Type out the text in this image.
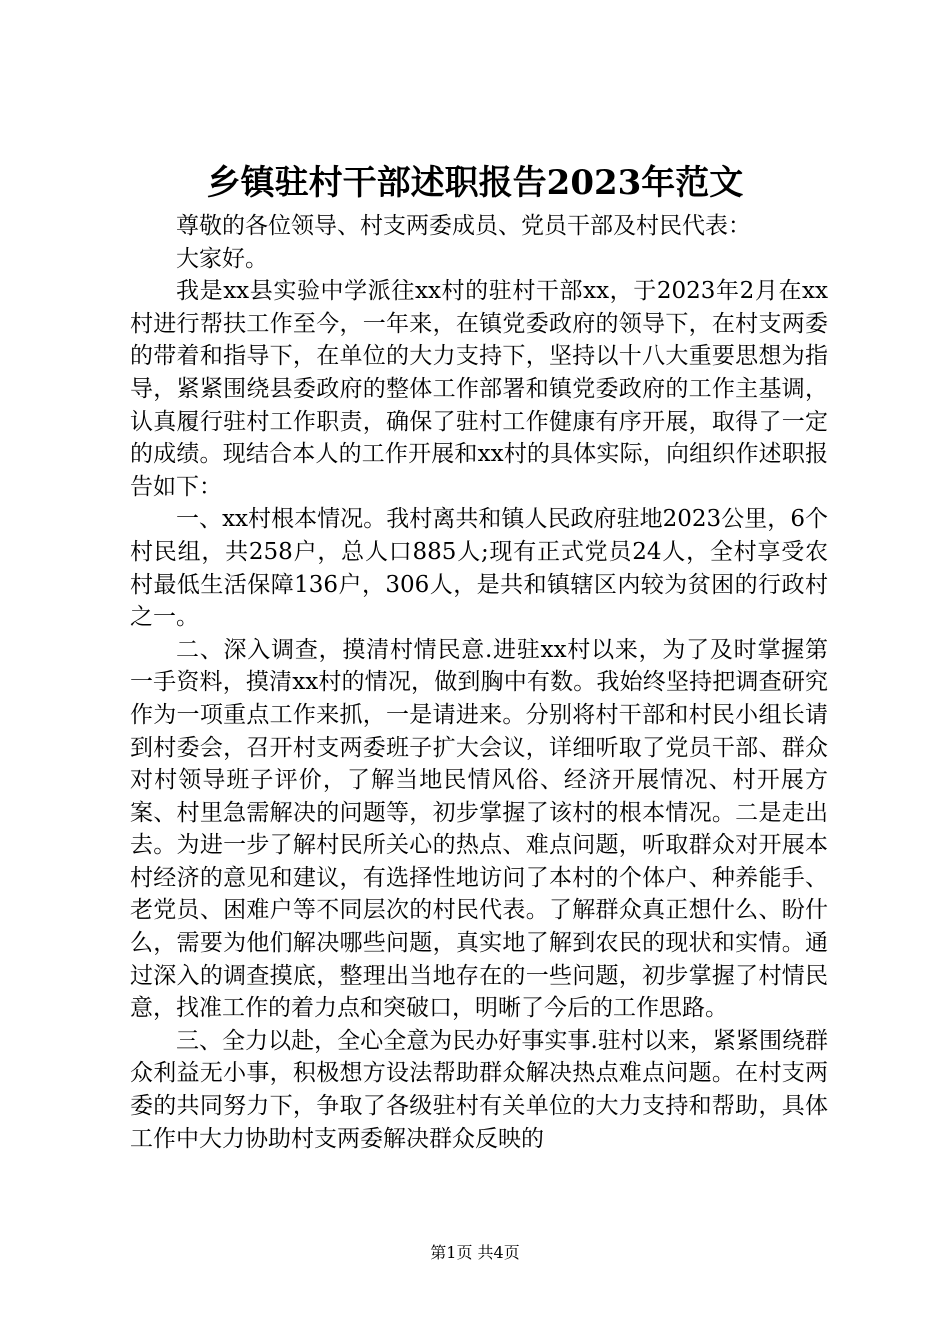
乡镇驻村干部述职报告2023年范文

尊敬的各位领导、村支两委成员、党员干部及村民代表：

大家好。

我是xx县实验中学派往xx村的驻村干部xx，于2023年2月在xx村进行帮扶工作至今，一年来，在镇党委政府的领导下，在村支两委的带着和指导下，在单位的大力支持下，坚持以十八大重要思想为指导，紧紧围绕县委政府的整体工作部署和镇党委政府的工作主基调，认真履行驻村工作职责，确保了驻村工作健康有序开展，取得了一定的成绩。现结合本人的工作开展和xx村的具体实际，向组织作述职报告如下：

一、xx村根本情况。我村离共和镇人民政府驻地2023公里，6个村民组，共258户，总人口885人;现有正式党员24人，全村享受农村最低生活保障136户，306人，是共和镇辖区内较为贫困的行政村之一。

二、深入调查，摸清村情民意.进驻xx村以来，为了及时掌握第一手资料，摸清xx村的情况，做到胸中有数。我始终坚持把调查研究作为一项重点工作来抓，一是请进来。分别将村干部和村民小组长请到村委会，召开村支两委班子扩大会议，详细听取了党员干部、群众对村领导班子评价，了解当地民情风俗、经济开展情况、村开展方案、村里急需解决的问题等，初步掌握了该村的根本情况。二是走出去。为进一步了解村民所关心的热点、难点问题，听取群众对开展本村经济的意见和建议，有选择性地访问了本村的个体户、种养能手、老党员、困难户等不同层次的村民代表。了解群众真正想什么、盼什么，需要为他们解决哪些问题，真实地了解到农民的现状和实情。通过深入的调查摸底，整理出当地存在的一些问题，初步掌握了村情民意，找准工作的着力点和突破口，明晰了今后的工作思路。

三、全力以赴，全心全意为民办好事实事.驻村以来，紧紧围绕群众利益无小事，积极想方设法帮助群众解决热点难点问题。在村支两委的共同努力下，争取了各级驻村有关单位的大力支持和帮助，具体工作中大力协助村支两委解决群众反映的

第1页 共4页
